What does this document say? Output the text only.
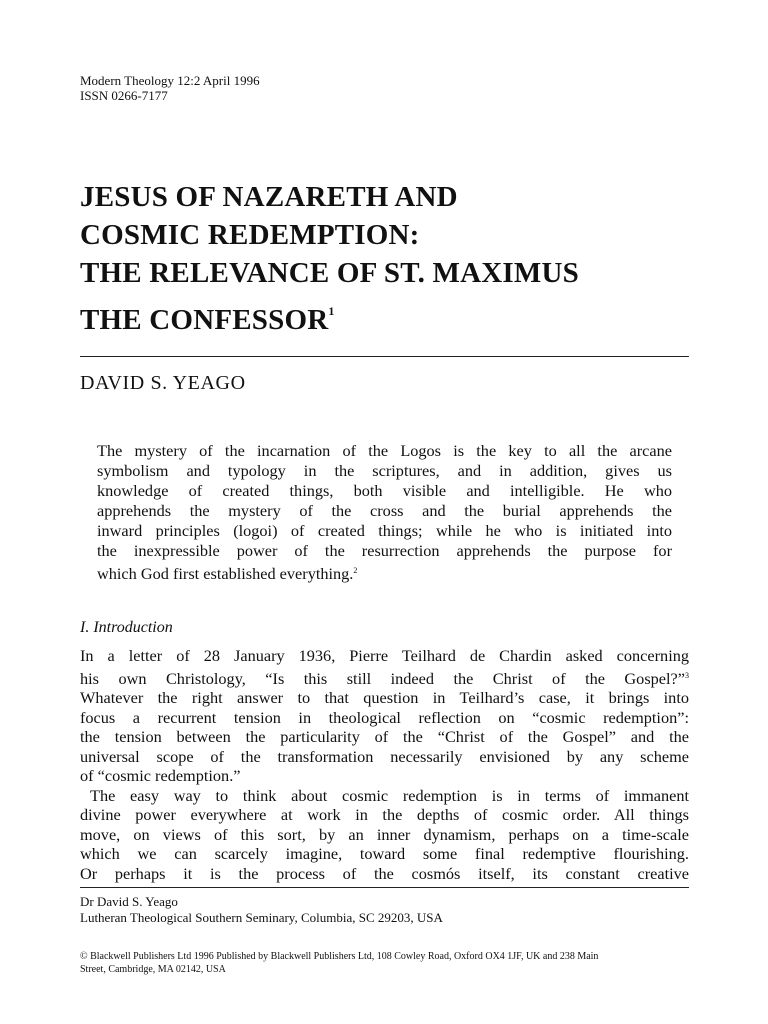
Modern Theology 12:2 April 1996
ISSN 0266-7177
JESUS OF NAZARETH AND
COSMIC REDEMPTION:
THE RELEVANCE OF ST. MAXIMUS
THE CONFESSOR$^1$
DAVID S. YEAGO
The mystery of the incarnation of the Logos is the key to all the arcane
symbolism and typology in the scriptures, and in addition, gives us
knowledge of created things, both visible and intelligible. He who
apprehends the mystery of the cross and the burial apprehends the
inward principles (logoi) of created things; while he who is initiated into
the inexpressible power of the resurrection apprehends the purpose for
which God first established everything.$^2$
I. Introduction
In a letter of 28 January 1936, Pierre Teilhard de Chardin asked concerning
his own Christology, “Is this still indeed the Christ of the Gospel?”$^3$
Whatever the right answer to that question in Teilhard’s case, it brings into
focus a recurrent tension in theological reflection on “cosmic redemption”:
the tension between the particularity of the “Christ of the Gospel” and the
universal scope of the transformation necessarily envisioned by any scheme
of “cosmic redemption.”
The easy way to think about cosmic redemption is in terms of immanent
divine power everywhere at work in the depths of cosmic order. All things
move, on views of this sort, by an inner dynamism, perhaps on a time-scale
which we can scarcely imagine, toward some final redemptive flourishing.
Or perhaps it is the process of the cosmós itself, its constant creative
Dr David S. Yeago
Lutheran Theological Southern Seminary, Columbia, SC 29203, USA
© Blackwell Publishers Ltd 1996 Published by Blackwell Publishers Ltd, 108 Cowley Road, Oxford OX4 1JF, UK and 238 Main
Street, Cambridge, MA 02142, USA
